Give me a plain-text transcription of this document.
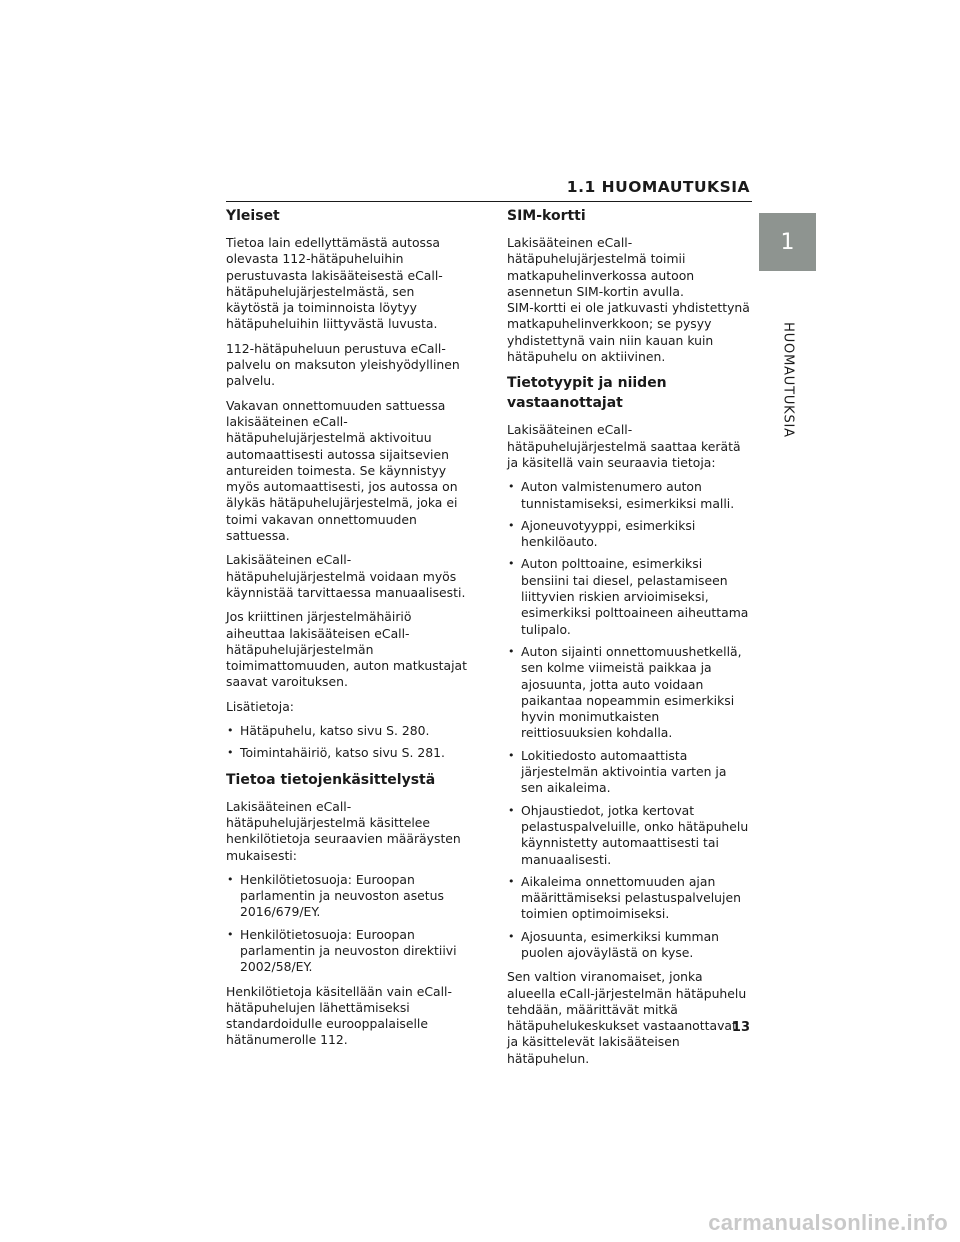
1.1 HUOMAUTUKSIA
1
HUOMAUTUKSIA
Yleiset

Tietoa lain edellyttämästä autossa olevasta 112-hätäpuheluihin perustuvasta lakisääteisestä eCall-hätäpuhelujärjestelmästä, sen käytöstä ja toiminnoista löytyy hätäpuheluihin liittyvästä luvusta.

112-hätäpuheluun perustuva eCall-palvelu on maksuton yleishyödyllinen palvelu.

Vakavan onnettomuuden sattuessa lakisääteinen eCall-hätäpuhelujärjestelmä aktivoituu automaattisesti autossa sijaitsevien antureiden toimesta. Se käynnistyy myös automaattisesti, jos autossa on älykäs hätäpuhelujärjestelmä, joka ei toimi vakavan onnettomuuden sattuessa.

Lakisääteinen eCall-hätäpuhelujärjestelmä voidaan myös käynnistää tarvittaessa manuaalisesti.

Jos kriittinen järjestelmähäiriö aiheuttaa lakisääteisen eCall-hätäpuhelujärjestelmän toimimattomuuden, auton matkustajat saavat varoituksen.

Lisätietoja:

• Hätäpuhelu, katso sivu S. 280.
• Toimintahäiriö, katso sivu S. 281.
Tietoa tietojenkäsittelystä

Lakisääteinen eCall-hätäpuhelujärjestelmä käsittelee henkilötietoja seuraavien määräysten mukaisesti:

• Henkilötietosuoja: Euroopan parlamentin ja neuvoston asetus 2016/679/EY.
• Henkilötietosuoja: Euroopan parlamentin ja neuvoston direktiivi 2002/58/EY.

Henkilötietoja käsitellään vain eCall-hätäpuhelujen lähettämiseksi standardoidulle eurooppalaiselle hätänumerolle 112.

SIM-kortti

Lakisääteinen eCall-hätäpuhelujärjestelmä toimii matkapuhelinverkossa autoon asennetun SIM-kortin avulla.
SIM-kortti ei ole jatkuvasti yhdistettynä matkapuhelinverkkoon; se pysyy yhdistettynä vain niin kauan kuin hätäpuhelu on aktiivinen.

Tietotyypit ja niiden vastaanottajat

Lakisääteinen eCall-hätäpuhelujärjestelmä saattaa kerätä ja käsitellä vain seuraavia tietoja:

• Auton valmistenumero auton tunnistamiseksi, esimerkiksi malli.
• Ajoneuvotyyppi, esimerkiksi henkilöauto.
• Auton polttoaine, esimerkiksi bensiini tai diesel, pelastamiseen liittyvien riskien arvioimiseksi, esimerkiksi polttoaineen aiheuttama tulipalo.
• Auton sijainti onnettomuushetkellä, sen kolme viimeistä paikkaa ja ajosuunta, jotta auto voidaan paikantaa nopeammin esimerkiksi hyvin monimutkaisten reittiosuuksien kohdalla.
• Lokitiedosto automaattista järjestelmän aktivointia varten ja sen aikaleima.
• Ohjaustiedot, jotka kertovat pelastuspalveluille, onko hätäpuhelu käynnistetty automaattisesti tai manuaalisesti.
• Aikaleima onnettomuuden ajan määrittämiseksi pelastuspalvelujen toimien optimoimiseksi.
• Ajosuunta, esimerkiksi kumman puolen ajoväylästä on kyse.

Sen valtion viranomaiset, jonka alueella eCall-järjestelmän hätäpuhelu tehdään, määrittävät mitkä hätäpuhelukeskukset vastaanottavat ja käsittelevät lakisääteisen hätäpuhelun.

13
carmanualsonline.info
